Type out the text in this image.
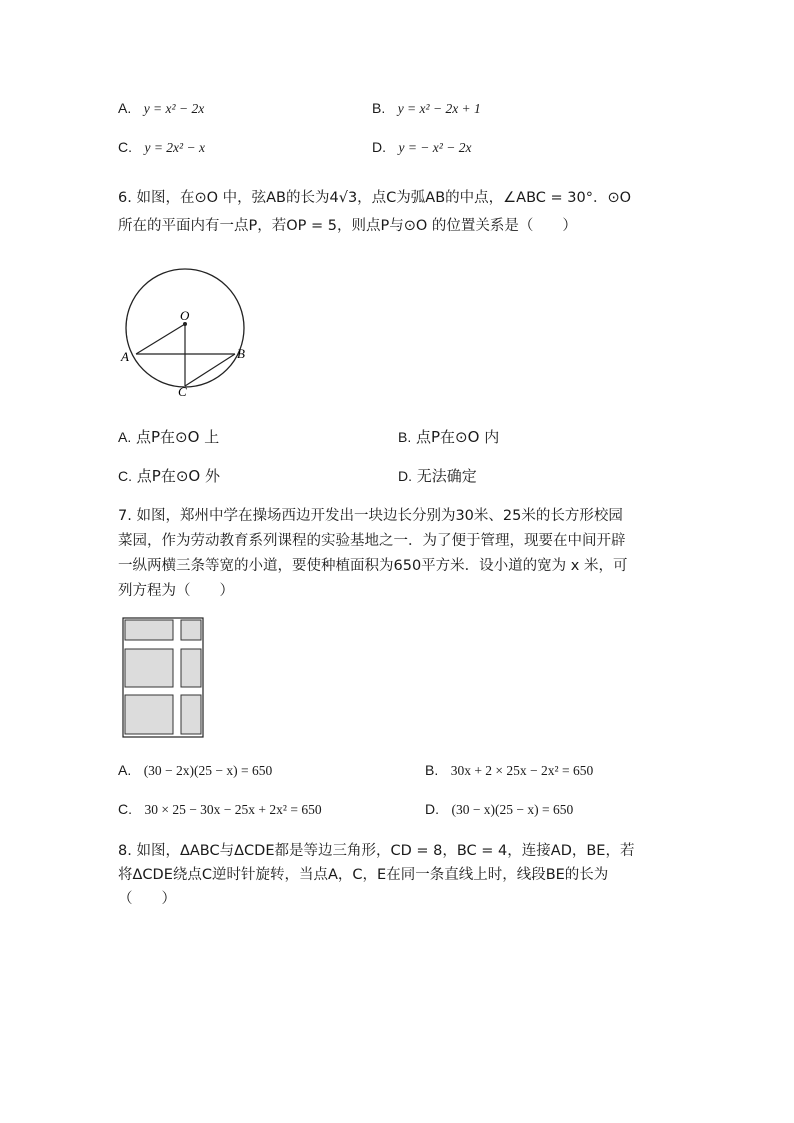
A. y = x² − 2x	B. y = x² − 2x + 1
C. y = 2x² − x	D. y = − x² − 2x
6. 如图，在⊙O 中，弦AB的长为4√3，点C为弧AB的中点，∠ABC = 30°．⊙O
所在的平面内有一点P，若OP = 5，则点P与⊙O 的位置关系是（　　）
O
A	B
C
A. 点P在⊙O 上	B. 点P在⊙O 内
C. 点P在⊙O 外	D. 无法确定
7. 如图，郑州中学在操场西边开发出一块边长分别为30米、25米的长方形校园
菜园，作为劳动教育系列课程的实验基地之一．为了便于管理，现要在中间开辟
一纵两横三条等宽的小道，要使种植面积为650平方米．设小道的宽为 x 米，可
列方程为（　　）
A. (30 − 2x)(25 − x) = 650	B. 30x + 2 × 25x − 2x² = 650
C. 30 × 25 − 30x − 25x + 2x² = 650	D. (30 − x)(25 − x) = 650
8. 如图，ΔABC与ΔCDE都是等边三角形，CD = 8，BC = 4，连接AD，BE，若
将ΔCDE绕点C逆时针旋转，当点A，C，E在同一条直线上时，线段BE的长为
（　　）
